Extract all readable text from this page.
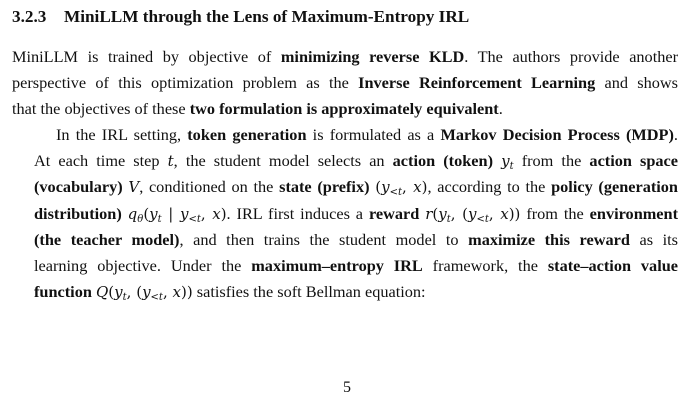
3.2.3 MiniLLM through the Lens of Maximum-Entropy IRL
MiniLLM is trained by objective of minimizing reverse KLD. The authors provide another
perspective of this optimization problem as the Inverse Reinforcement Learning and shows
that the objectives of these two formulation is approximately equivalent.
In the IRL setting, token generation is formulated as a Markov Decision Process (MDP).
At each time step t, the student model selects an action (token) $y_t$ from the action space
(vocabulary) V, conditioned on the state (prefix) ($y_{<t}$, x), according to the policy (generation
distribution) $q_\theta(y_t$ | $y_{<t}$, x). IRL first induces a reward $r(y_t$, ($y_{<t}$, x)) from the environment
(the teacher model), and then trains the student model to maximize this reward as its
learning objective. Under the maximum–entropy IRL framework, the state–action value
function $Q(y_t$, ($y_{<t}$, x)) satisfies the soft Bellman equation:
5
